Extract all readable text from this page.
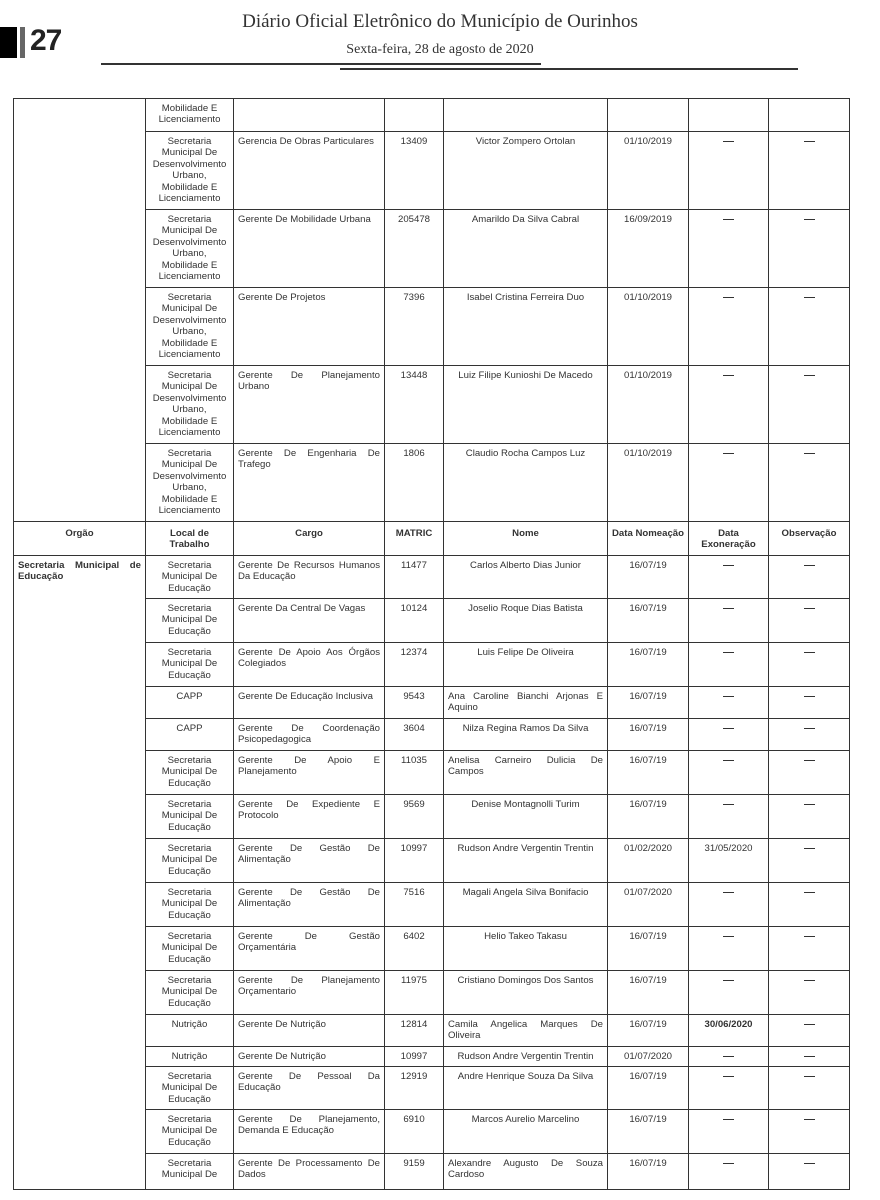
27
Diário Oficial Eletrônico do Município de Ourinhos
Sexta-feira, 28 de agosto de 2020
	Mobilidade E Licenciamento						
	Secretaria Municipal De Desenvolvimento Urbano, Mobilidade E Licenciamento	Gerencia De Obras Particulares	13409	Victor Zompero Ortolan	01/10/2019		
	Secretaria Municipal De Desenvolvimento Urbano, Mobilidade E Licenciamento	Gerente De Mobilidade Urbana	205478	Amarildo Da Silva Cabral	16/09/2019		
	Secretaria Municipal De Desenvolvimento Urbano, Mobilidade E Licenciamento	Gerente De Projetos	7396	Isabel Cristina Ferreira Duo	01/10/2019		
	Secretaria Municipal De Desenvolvimento Urbano, Mobilidade E Licenciamento	Gerente De Planejamento Urbano	13448	Luiz Filipe Kunioshi De Macedo	01/10/2019		
	Secretaria Municipal De Desenvolvimento Urbano, Mobilidade E Licenciamento	Gerente De Engenharia De Trafego	1806	Claudio Rocha Campos Luz	01/10/2019		
Orgão	Local de Trabalho	Cargo	MATRIC	Nome	Data Nomeação	Data Exoneração	Observação
Secretaria Municipal de Educação	Secretaria Municipal De Educação	Gerente De Recursos Humanos Da Educação	11477	Carlos Alberto Dias Junior	16/07/19		
	Secretaria Municipal De Educação	Gerente Da Central De Vagas	10124	Joselio Roque Dias Batista	16/07/19		
	Secretaria Municipal De Educação	Gerente De Apoio Aos Órgãos Colegiados	12374	Luis Felipe De Oliveira	16/07/19		
	CAPP	Gerente De Educação Inclusiva	9543	Ana Caroline Bianchi Arjonas E Aquino	16/07/19		
	CAPP	Gerente De Coordenação Psicopedagogica	3604	Nilza Regina Ramos Da Silva	16/07/19		
	Secretaria Municipal De Educação	Gerente De Apoio E Planejamento	11035	Anelisa Carneiro Dulicia De Campos	16/07/19		
	Secretaria Municipal De Educação	Gerente De Expediente E Protocolo	9569	Denise Montagnolli Turim	16/07/19		
	Secretaria Municipal De Educação	Gerente De Gestão De Alimentação	10997	Rudson Andre Vergentin Trentin	01/02/2020	31/05/2020	
	Secretaria Municipal De Educação	Gerente De Gestão De Alimentação	7516	Magali Angela Silva Bonifacio	01/07/2020		
	Secretaria Municipal De Educação	Gerente De Gestão Orçamentária	6402	Helio Takeo Takasu	16/07/19		
	Secretaria Municipal De Educação	Gerente De Planejamento Orçamentario	11975	Cristiano Domingos Dos Santos	16/07/19		
	Nutrição	Gerente De Nutrição	12814	Camila Angelica Marques De Oliveira	16/07/19	30/06/2020	
	Nutrição	Gerente De Nutrição	10997	Rudson Andre Vergentin Trentin	01/07/2020		
	Secretaria Municipal De Educação	Gerente De Pessoal Da Educação	12919	Andre Henrique Souza Da Silva	16/07/19		
	Secretaria Municipal De Educação	Gerente De Planejamento, Demanda E Educação	6910	Marcos Aurelio Marcelino	16/07/19		
	Secretaria Municipal De	Gerente De Processamento De Dados	9159	Alexandre Augusto De Souza Cardoso	16/07/19		
